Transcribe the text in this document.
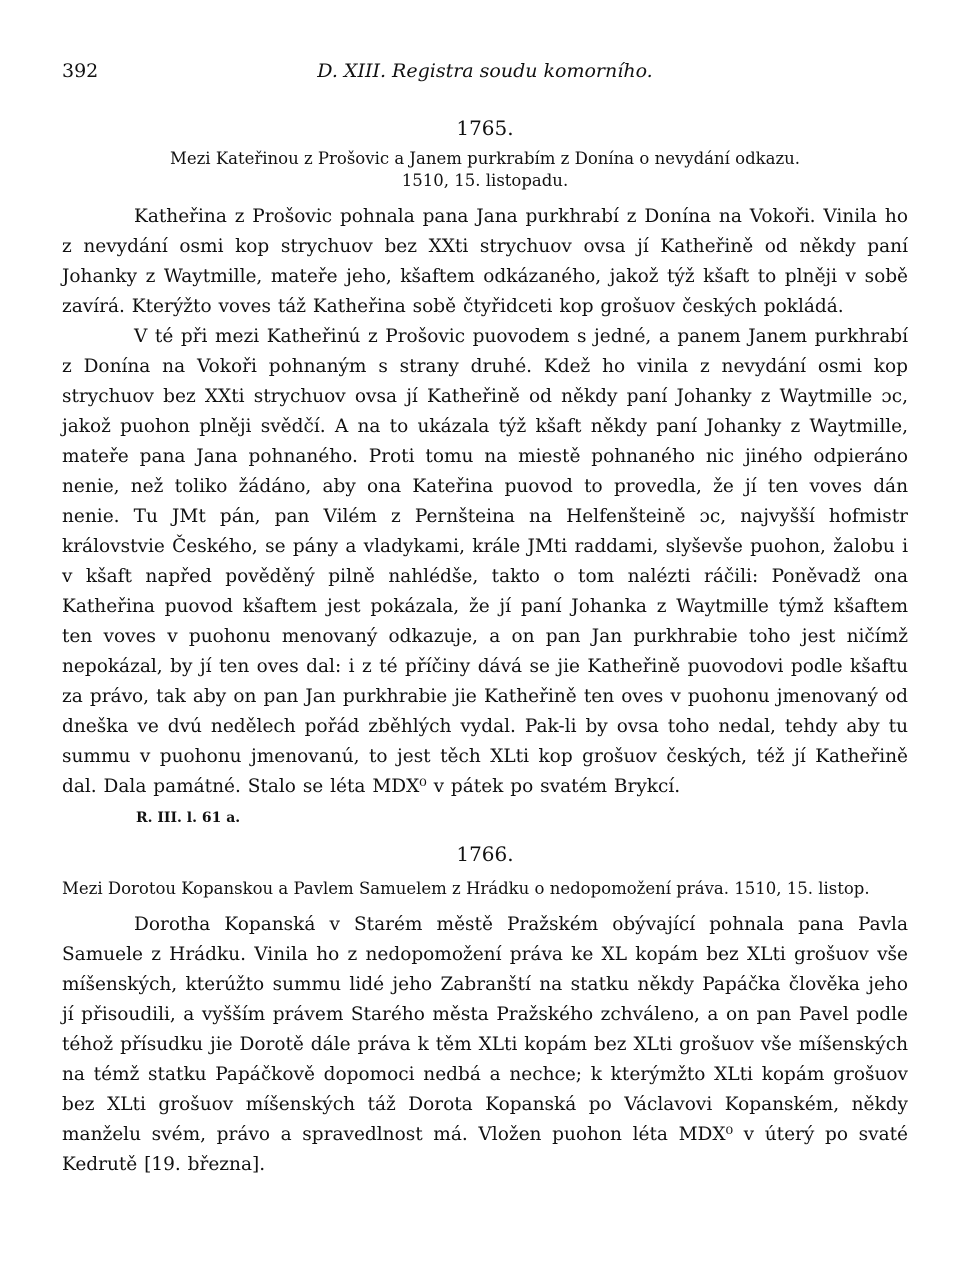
392	D. XIII. Registra soudu komorního.
1765.
Mezi Kateřinou z Prošovic a Janem purkrabím z Donína o nevydání odkazu.
1510, 15. listopadu.

Katheřina z Prošovic pohnala pana Jana purkhrabí z Donína na Vokoři. Vinila ho z nevydání osmi kop strychuov bez XXti strychuov ovsa jí Katheřině od někdy paní Johanky z Waytmille, mateře jeho, kšaftem odkázaného, jakož týž kšaft to plněji v sobě zavírá. Kterýžto voves táž Katheřina sobě čtyřidceti kop grošuov českých pokládá.

V té při mezi Katheřinú z Prošovic puovodem s jedné, a panem Janem purkhrabí z Donína na Vokoři pohnaným s strany druhé. Kdež ho vinila z nevydání osmi kop strychuov bez XXti strychuov ovsa jí Katheřině od někdy paní Johanky z Waytmille ɔc, jakož puohon plněji svědčí. A na to ukázala týž kšaft někdy paní Johanky z Waytmille, mateře pana Jana pohnaného. Proti tomu na miestě pohnaného nic jiného odpieráno nenie, než toliko žádáno, aby ona Kateřina puovod to provedla, že jí ten voves dán nenie. Tu JMt pán, pan Vilém z Pernšteina na Helfenšteině ɔc, najvyšší hofmistr královstvie Českého, se pány a vladykami, krále JMti raddami, slyševše puohon, žalobu i v kšaft napřed pověděný pilně nahlédše, takto o tom nalézti ráčili: Poněvadž ona Katheřina puovod kšaftem jest pokázala, že jí paní Johanka z Waytmille týmž kšaftem ten voves v puohonu menovaný odkazuje, a on pan Jan purkhrabie toho jest ničímž nepokázal, by jí ten oves dal: i z té příčiny dává se jie Katheřině puovodovi podle kšaftu za právo, tak aby on pan Jan purkhrabie jie Katheřině ten oves v puohonu jmenovaný od dneška ve dvú nedělech pořád zběhlých vydal. Pak-li by ovsa toho nedal, tehdy aby tu summu v puohonu jmenovanú, to jest těch XLti kop grošuov českých, též jí Katheřině dal. Dala památné. Stalo se léta MDX⁰ v pátek po svatém Brykcí.

R. III. l. 61 a.
1766.
Mezi Dorotou Kopanskou a Pavlem Samuelem z Hrádku o nedopomožení práva. 1510, 15. listop.

Dorotha Kopanská v Starém městě Pražském obývající pohnala pana Pavla Samuele z Hrádku. Vinila ho z nedopomožení práva ke XL kopám bez XLti grošuov vše míšenských, kterúžto summu lidé jeho Zabranští na statku někdy Papáčka člověka jeho jí přisoudili, a vyšším právem Starého města Pražského zchváleno, a on pan Pavel podle téhož přísudku jie Dorotě dále práva k těm XLti kopám bez XLti grošuov vše míšenských na témž statku Papáčkově dopomoci nedbá a nechce; k kterýmžto XLti kopám grošuov bez XLti grošuov míšenských táž Dorota Kopanská po Václavovi Kopanském, někdy manželu svém, právo a spravedlnost má. Vložen puohon léta MDX⁰ v úterý po svaté Kedrutě [19. března].
